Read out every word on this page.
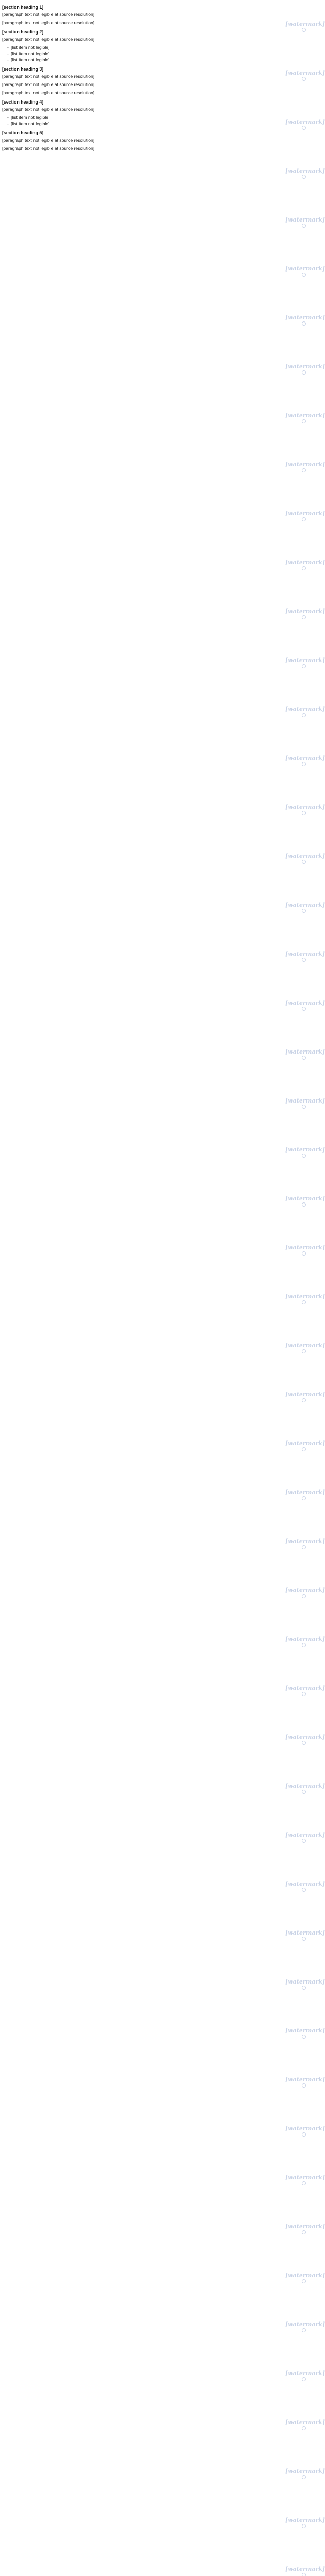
[section heading 1]

[paragraph text not legible at source resolution]

[paragraph text not legible at source resolution]

[section heading 2]

[paragraph text not legible at source resolution]

- [list item not legible]
- [list item not legible]
- [list item not legible]
[section heading 3]

[paragraph text not legible at source resolution]

[paragraph text not legible at source resolution]

[paragraph text not legible at source resolution]

[section heading 4]

[paragraph text not legible at source resolution]

- [list item not legible]
- [list item not legible]
[section heading 5]

[paragraph text not legible at source resolution]

[paragraph text not legible at source resolution]

[watermark]
[watermark]
[watermark]
[watermark]
[watermark]
[watermark]
[watermark]
[watermark]
[watermark]
[watermark]
[watermark]
[watermark]
[watermark]
[watermark]
[watermark]
[watermark]
[watermark]
[watermark]
[watermark]
[watermark]
[watermark]
[watermark]
[watermark]
[watermark]
[watermark]
[watermark]
[watermark]
[watermark]
[watermark]
[watermark]
[watermark]
[watermark]
[watermark]
[watermark]
[watermark]
[watermark]
[watermark]
[watermark]
[watermark]
[watermark]
[watermark]
[watermark]
[watermark]
[watermark]
[watermark]
[watermark]
[watermark]
[watermark]
[watermark]
[watermark]
[watermark]
[watermark]
[watermark]
